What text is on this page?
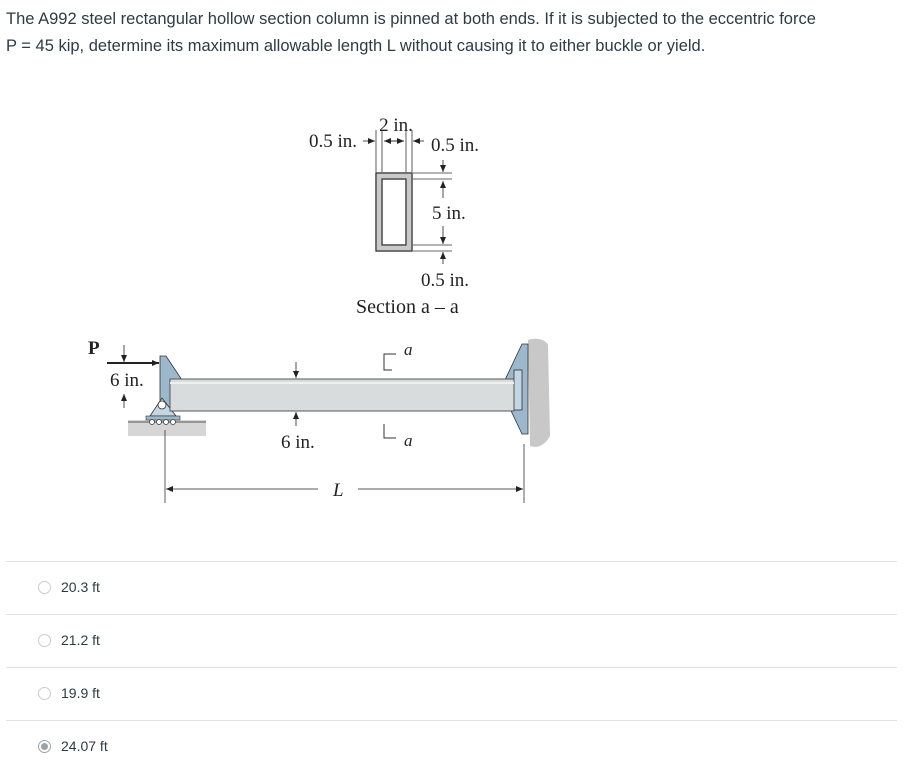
The A992 steel rectangular hollow section column is pinned at both ends. If it is subjected to the eccentric force
P = 45 kip, determine its maximum allowable length L without causing it to either buckle or yield.
2 in.
0.5 in.	0.5 in.
5 in.
0.5 in.
Section a – a
P
6 in.
6 in.
a
a
L
20.3 ft
21.2 ft
19.9 ft
24.07 ft
